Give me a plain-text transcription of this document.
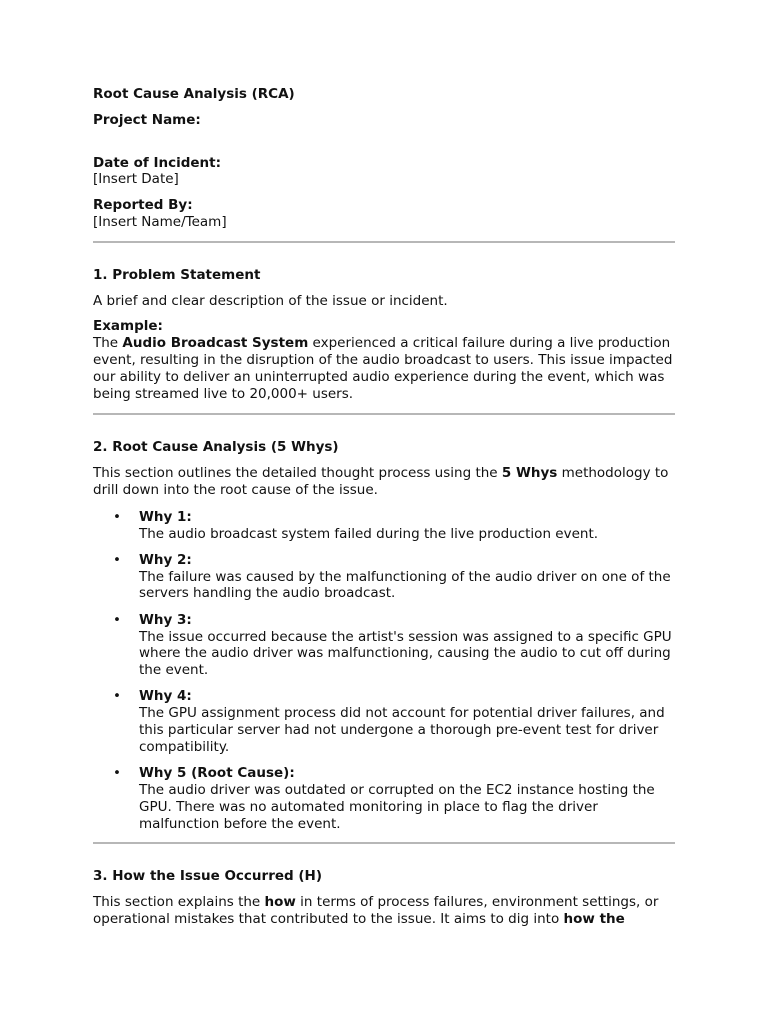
Root Cause Analysis (RCA)

Project Name:

Date of Incident:

[Insert Date]

Reported By:

[Insert Name/Team]

1. Problem Statement

A brief and clear description of the issue or incident.

Example:

The Audio Broadcast System experienced a critical failure during a live production event, resulting in the disruption of the audio broadcast to users. This issue impacted our ability to deliver an uninterrupted audio experience during the event, which was being streamed live to 20,000+ users.

2. Root Cause Analysis (5 Whys)

This section outlines the detailed thought process using the 5 Whys methodology to drill down into the root cause of the issue.

• Why 1:

The audio broadcast system failed during the live production event.

• Why 2:

The failure was caused by the malfunctioning of the audio driver on one of the servers handling the audio broadcast.

• Why 3:

The issue occurred because the artist's session was assigned to a specific GPU where the audio driver was malfunctioning, causing the audio to cut off during the event.

• Why 4:

The GPU assignment process did not account for potential driver failures, and this particular server had not undergone a thorough pre-event test for driver compatibility.

• Why 5 (Root Cause):

The audio driver was outdated or corrupted on the EC2 instance hosting the GPU. There was no automated monitoring in place to flag the driver malfunction before the event.

3. How the Issue Occurred (H)

This section explains the how in terms of process failures, environment settings, or operational mistakes that contributed to the issue. It aims to dig into how the
